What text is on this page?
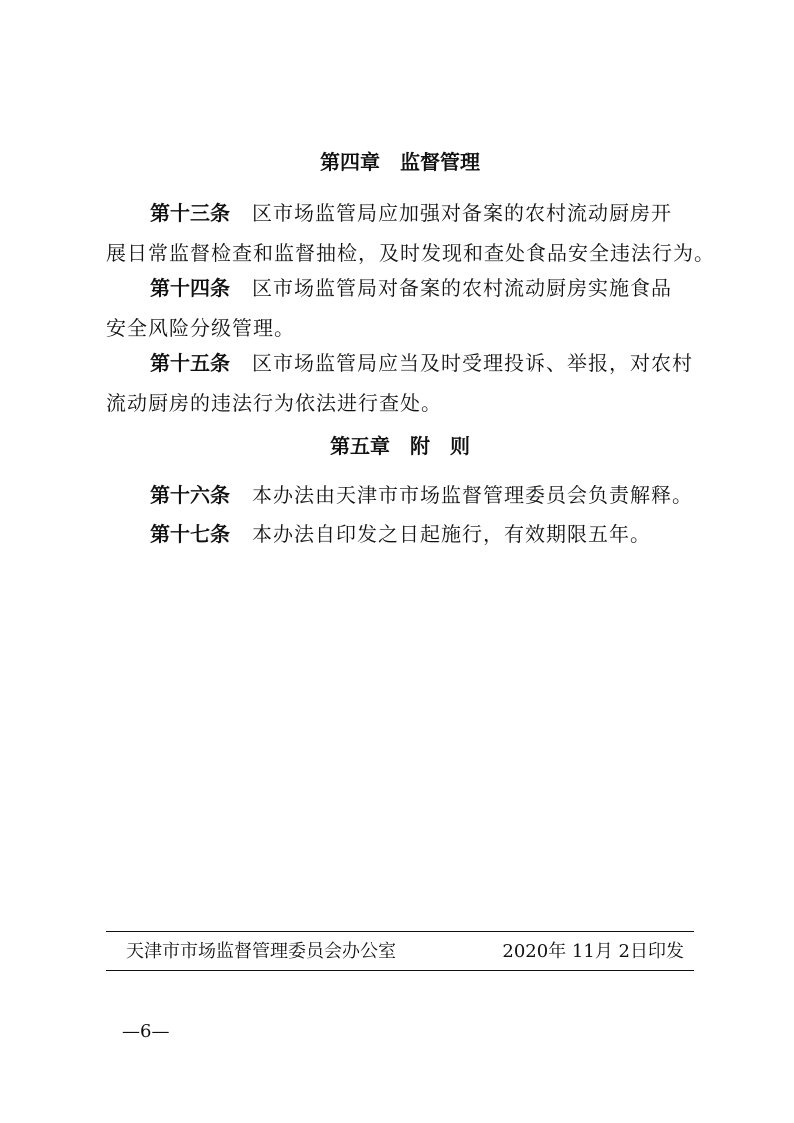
第四章　监督管理
第十三条 区市场监管局应加强对备案的农村流动厨房开
展日常监督检查和监督抽检，及时发现和查处食品安全违法行为。
第十四条 区市场监管局对备案的农村流动厨房实施食品
安全风险分级管理。
第十五条 区市场监管局应当及时受理投诉、举报，对农村
流动厨房的违法行为依法进行查处。
第五章　附　则
第十六条 本办法由天津市市场监督管理委员会负责解释。
第十七条 本办法自印发之日起施行，有效期限五年。
天津市市场监督管理委员会办公室	2020年 11月 2日印发
—6—
